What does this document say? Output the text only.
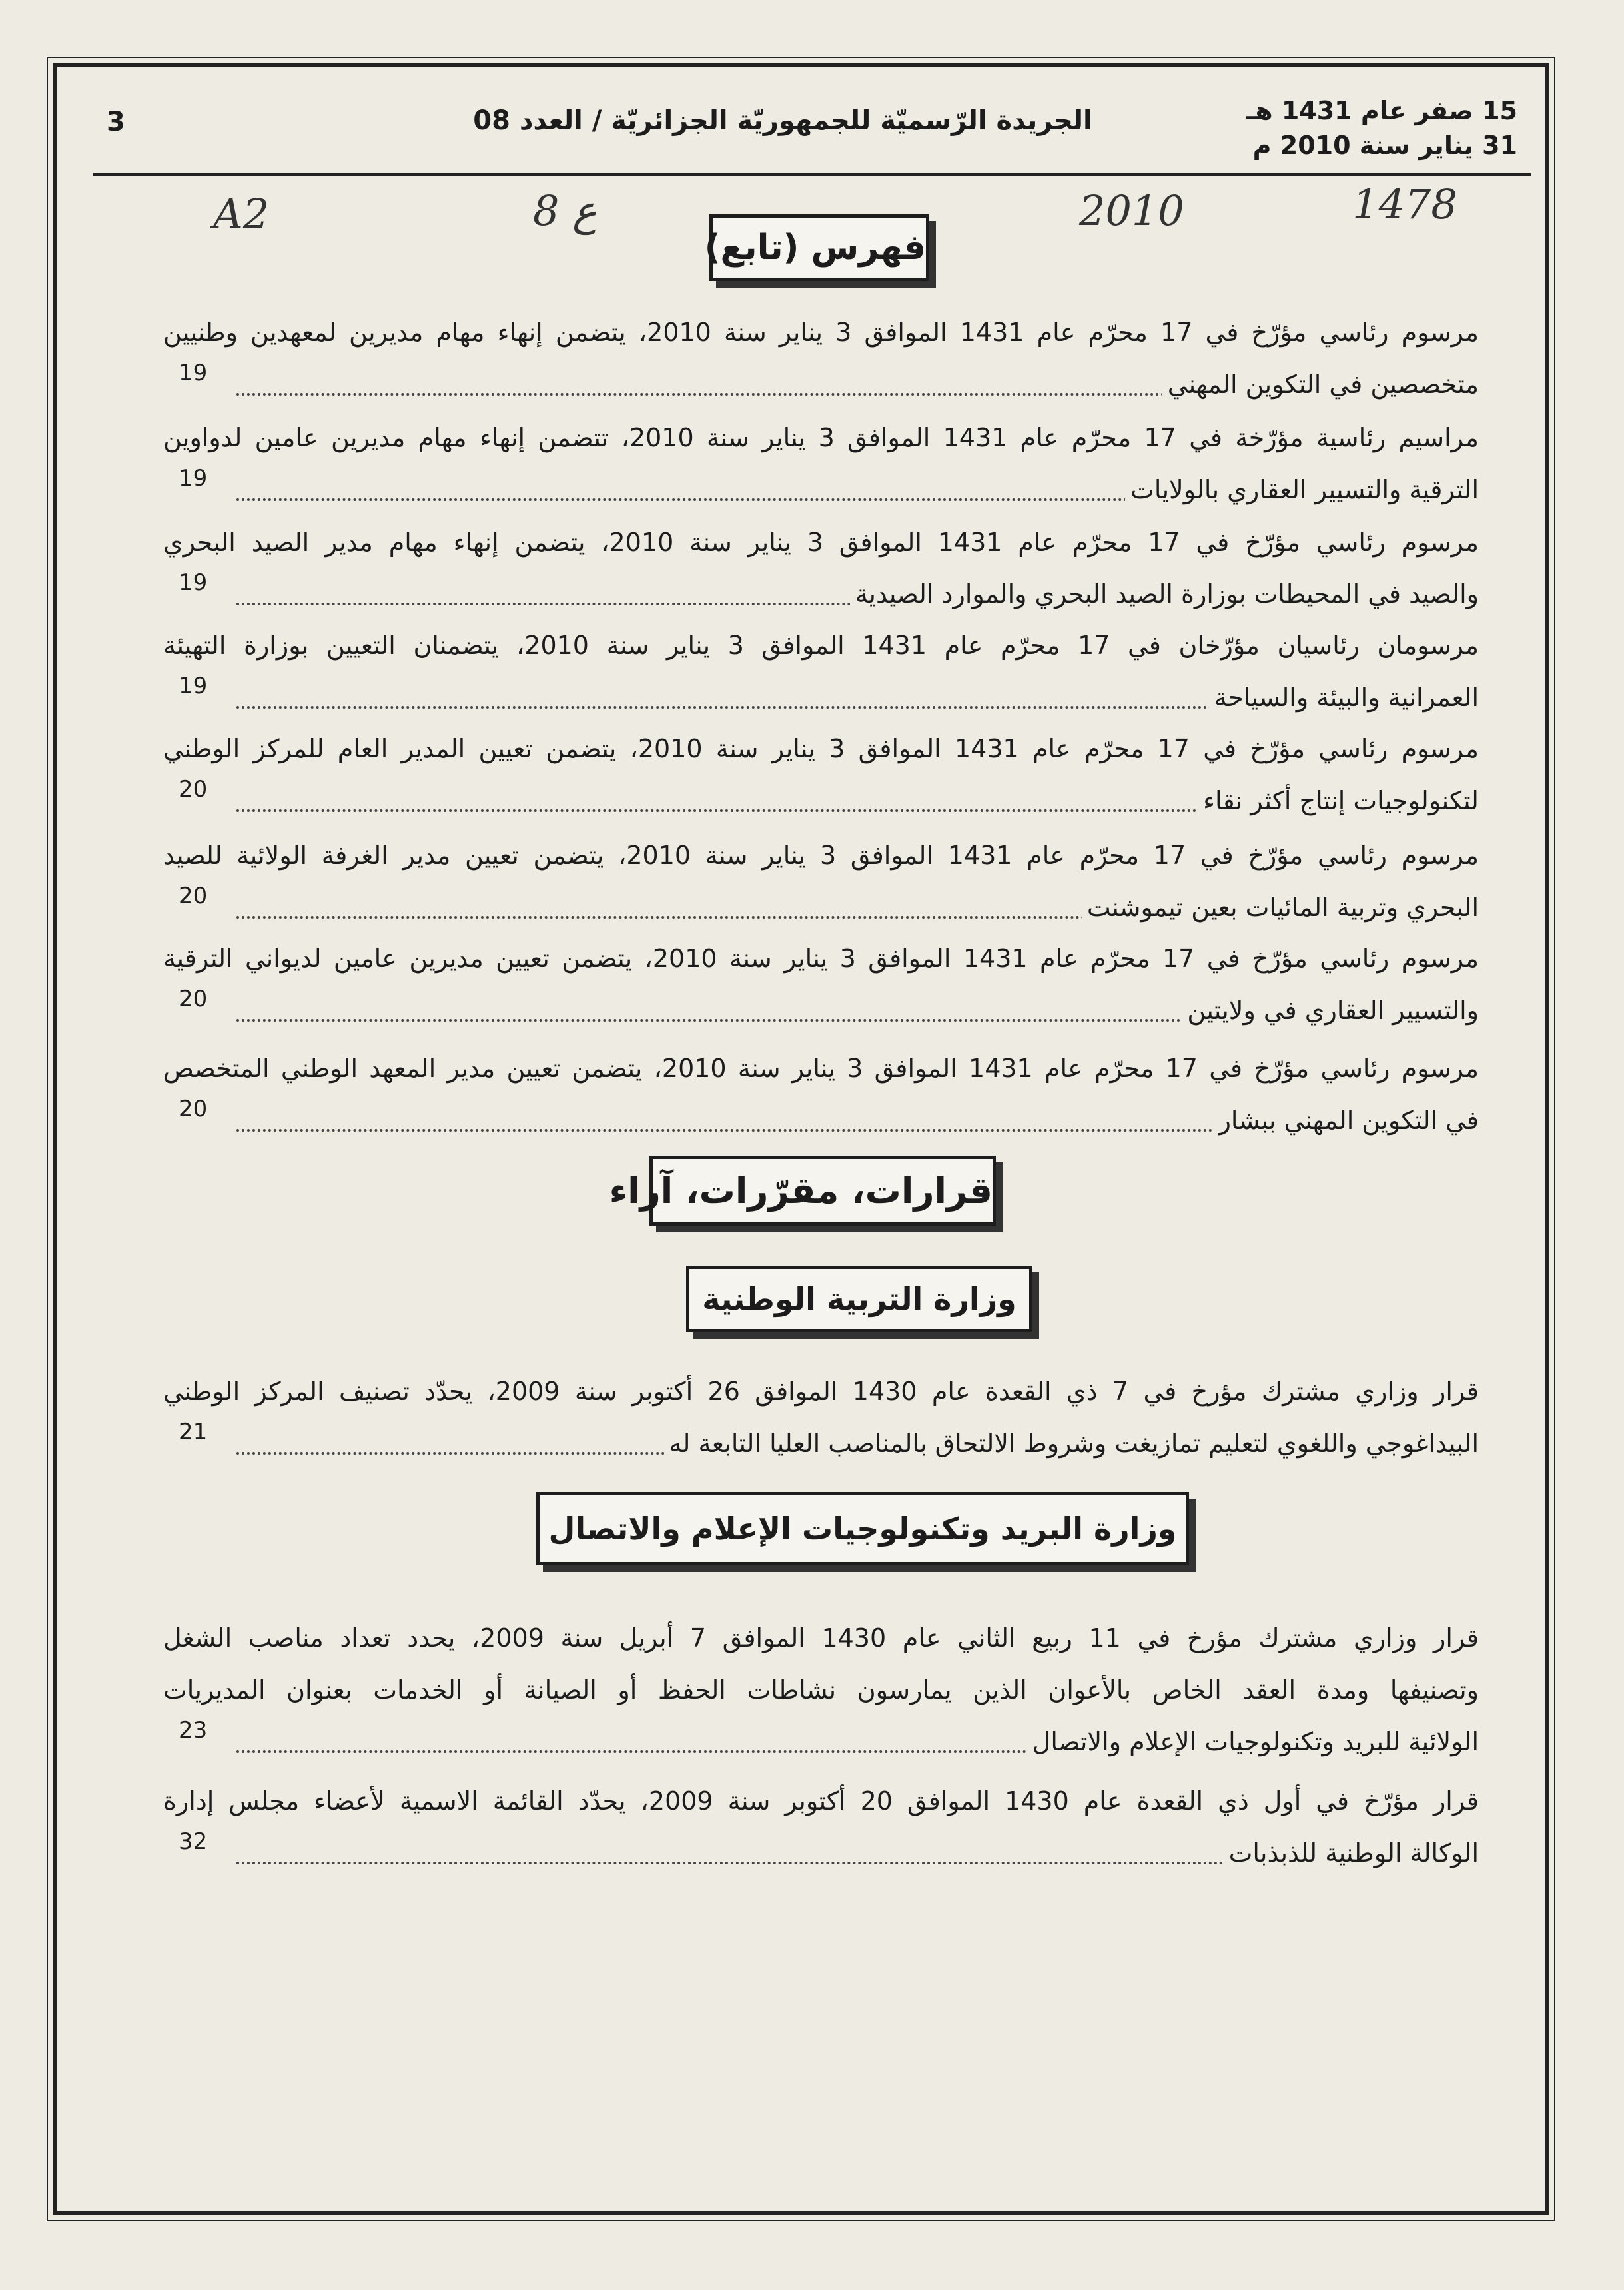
3	الجريدة الرّسميّة للجمهوريّة الجزائريّة / العدد 08	15 صفر عام 1431 هـ
31 يناير سنة 2010 م
A2	8 ع	2010	1478
فهرس (تابع)
مرسوم رئاسي مؤرّخ في 17 محرّم عام 1431 الموافق 3 يناير سنة 2010، يتضمن إنهاء مهام مديرين لمعهدين وطنيين
متخصصين في التكوين المهني
19
مراسيم رئاسية مؤرّخة في 17 محرّم عام 1431 الموافق 3 يناير سنة 2010، تتضمن إنهاء مهام مديرين عامين لدواوين
الترقية والتسيير العقاري بالولايات
19
مرسوم رئاسي مؤرّخ في 17 محرّم عام 1431 الموافق 3 يناير سنة 2010، يتضمن إنهاء مهام مدير الصيد البحري
والصيد في المحيطات بوزارة الصيد البحري والموارد الصيدية
19
مرسومان رئاسيان مؤرّخان في 17 محرّم عام 1431 الموافق 3 يناير سنة 2010، يتضمنان التعيين بوزارة التهيئة
العمرانية والبيئة والسياحة
19
مرسوم رئاسي مؤرّخ في 17 محرّم عام 1431 الموافق 3 يناير سنة 2010، يتضمن تعيين المدير العام للمركز الوطني
لتكنولوجيات إنتاج أكثر نقاء
20
مرسوم رئاسي مؤرّخ في 17 محرّم عام 1431 الموافق 3 يناير سنة 2010، يتضمن تعيين مدير الغرفة الولائية للصيد
البحري وتربية المائيات بعين تيموشنت
20
مرسوم رئاسي مؤرّخ في 17 محرّم عام 1431 الموافق 3 يناير سنة 2010، يتضمن تعيين مديرين عامين لديواني الترقية
والتسيير العقاري في ولايتين
20
مرسوم رئاسي مؤرّخ في 17 محرّم عام 1431 الموافق 3 يناير سنة 2010، يتضمن تعيين مدير المعهد الوطني المتخصص
في التكوين المهني ببشار
20
قرارات، مقرّرات، آراء
وزارة التربية الوطنية
قرار وزاري مشترك مؤرخ في 7 ذي القعدة عام 1430 الموافق 26 أكتوبر سنة 2009، يحدّد تصنيف المركز الوطني
البيداغوجي واللغوي لتعليم تمازيغت وشروط الالتحاق بالمناصب العليا التابعة له
21
وزارة البريد وتكنولوجيات الإعلام والاتصال
قرار وزاري مشترك مؤرخ في 11 ربيع الثاني عام 1430 الموافق 7 أبريل سنة 2009، يحدد تعداد مناصب الشغل
وتصنيفها ومدة العقد الخاص بالأعوان الذين يمارسون نشاطات الحفظ أو الصيانة أو الخدمات بعنوان المديريات
الولائية للبريد وتكنولوجيات الإعلام والاتصال
23
قرار مؤرّخ في أول ذي القعدة عام 1430 الموافق 20 أكتوبر سنة 2009، يحدّد القائمة الاسمية لأعضاء مجلس إدارة
الوكالة الوطنية للذبذبات
32
